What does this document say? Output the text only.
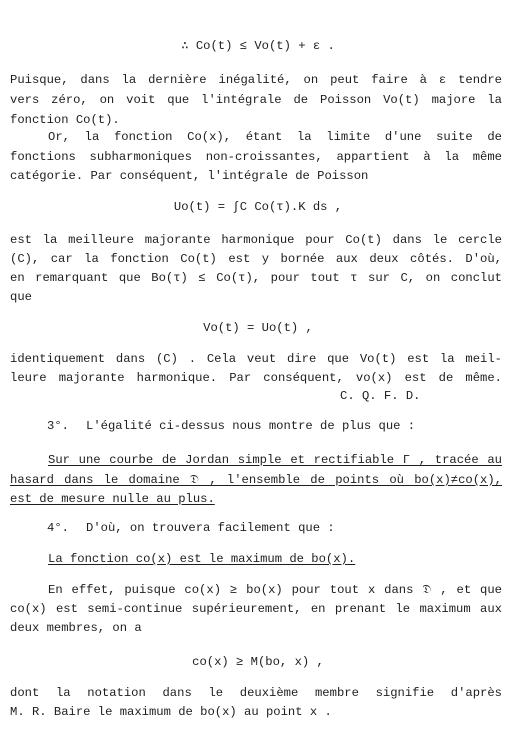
∴ Co(t) ≤ Vo(t) + ε .
Puisque, dans la dernière inégalité, on peut faire à ε tendre
vers zéro, on voit que l'intégrale de Poisson Vo(t) majore la
fonction Co(t).
Or, la fonction Co(x), étant la limite d'une suite de
fonctions subharmoniques non-croissantes, appartient à la même
catégorie. Par conséquent, l'intégrale de Poisson
Uo(t) = ∫C Co(τ).K ds ,
est la meilleure majorante harmonique pour Co(t) dans le cercle
(C), car la fonction Co(t) est y bornée aux deux côtés. D'où,
en remarquant que Bo(τ) ≤ Co(τ), pour tout τ sur C, on conclut
que
Vo(t) = Uo(t) ,
identiquement dans (C) . Cela veut dire que Vo(t) est la meil-
leure majorante harmonique. Par conséquent, vo(x) est de même.
C. Q. F. D.
3°. L'égalité ci-dessus nous montre de plus que :
Sur une courbe de Jordan simple et rectifiable Γ , tracée au
hasard dans le domaine 𝔇 , l'ensemble de points où bo(x)≠co(x),
est de mesure nulle au plus.
4°. D'où, on trouvera facilement que :
La fonction co(x) est le maximum de bo(x).
En effet, puisque co(x) ≥ bo(x) pour tout x dans 𝔇 , et que
co(x) est semi-continue supérieurement, en prenant le maximum aux
deux membres, on a
co(x) ≥ M(bo, x) ,
dont la notation dans le deuxième membre signifie d'après
M. R. Baire le maximum de bo(x) au point x .
